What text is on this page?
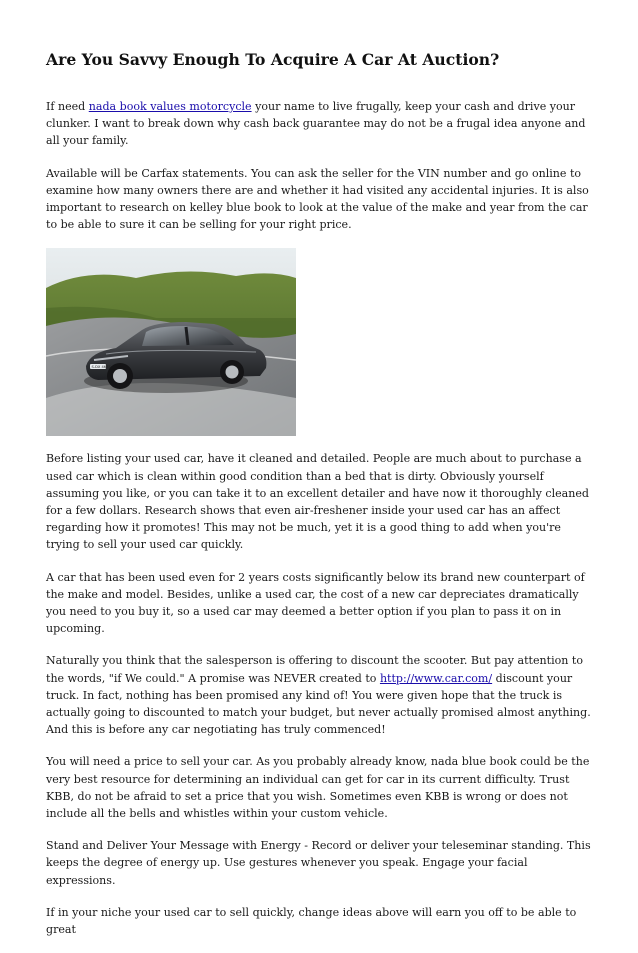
Are You Savvy Enough To Acquire A Car At Auction?

If need nada book values motorcycle your name to live frugally, keep your cash and drive your clunker. I want to break down why cash back guarantee may do not be a frugal idea anyone and all your family.

Available will be Carfax statements. You can ask the seller for the VIN number and go online to examine how many owners there are and whether it had visited any accidental injuries. It is also important to research on kelley blue book to look at the value of the make and year from the car to be able to sure it can be selling for your right price.

S-DX 4677

Before listing your used car, have it cleaned and detailed. People are much about to purchase a used car which is clean within good condition than a bed that is dirty. Obviously yourself assuming you like, or you can take it to an excellent detailer and have now it thoroughly cleaned for a few dollars. Research shows that even air-freshener inside your used car has an affect regarding how it promotes! This may not be much, yet it is a good thing to add when you're trying to sell your used car quickly.

A car that has been used even for 2 years costs significantly below its brand new counterpart of the make and model. Besides, unlike a used car, the cost of a new car depreciates dramatically you need to you buy it, so a used car may deemed a better option if you plan to pass it on in upcoming.

Naturally you think that the salesperson is offering to discount the scooter. But pay attention to the words, "if We could." A promise was NEVER created to http://www.car.com/ discount your truck. In fact, nothing has been promised any kind of! You were given hope that the truck is actually going to discounted to match your budget, but never actually promised almost anything. And this is before any car negotiating has truly commenced!

You will need a price to sell your car. As you probably already know, nada blue book could be the very best resource for determining an individual can get for car in its current difficulty. Trust KBB, do not be afraid to set a price that you wish. Sometimes even KBB is wrong or does not include all the bells and whistles within your custom vehicle.

Stand and Deliver Your Message with Energy - Record or deliver your teleseminar standing. This keeps the degree of energy up. Use gestures whenever you speak. Engage your facial expressions.

If in your niche your used car to sell quickly, change ideas above will earn you off to be able to great
